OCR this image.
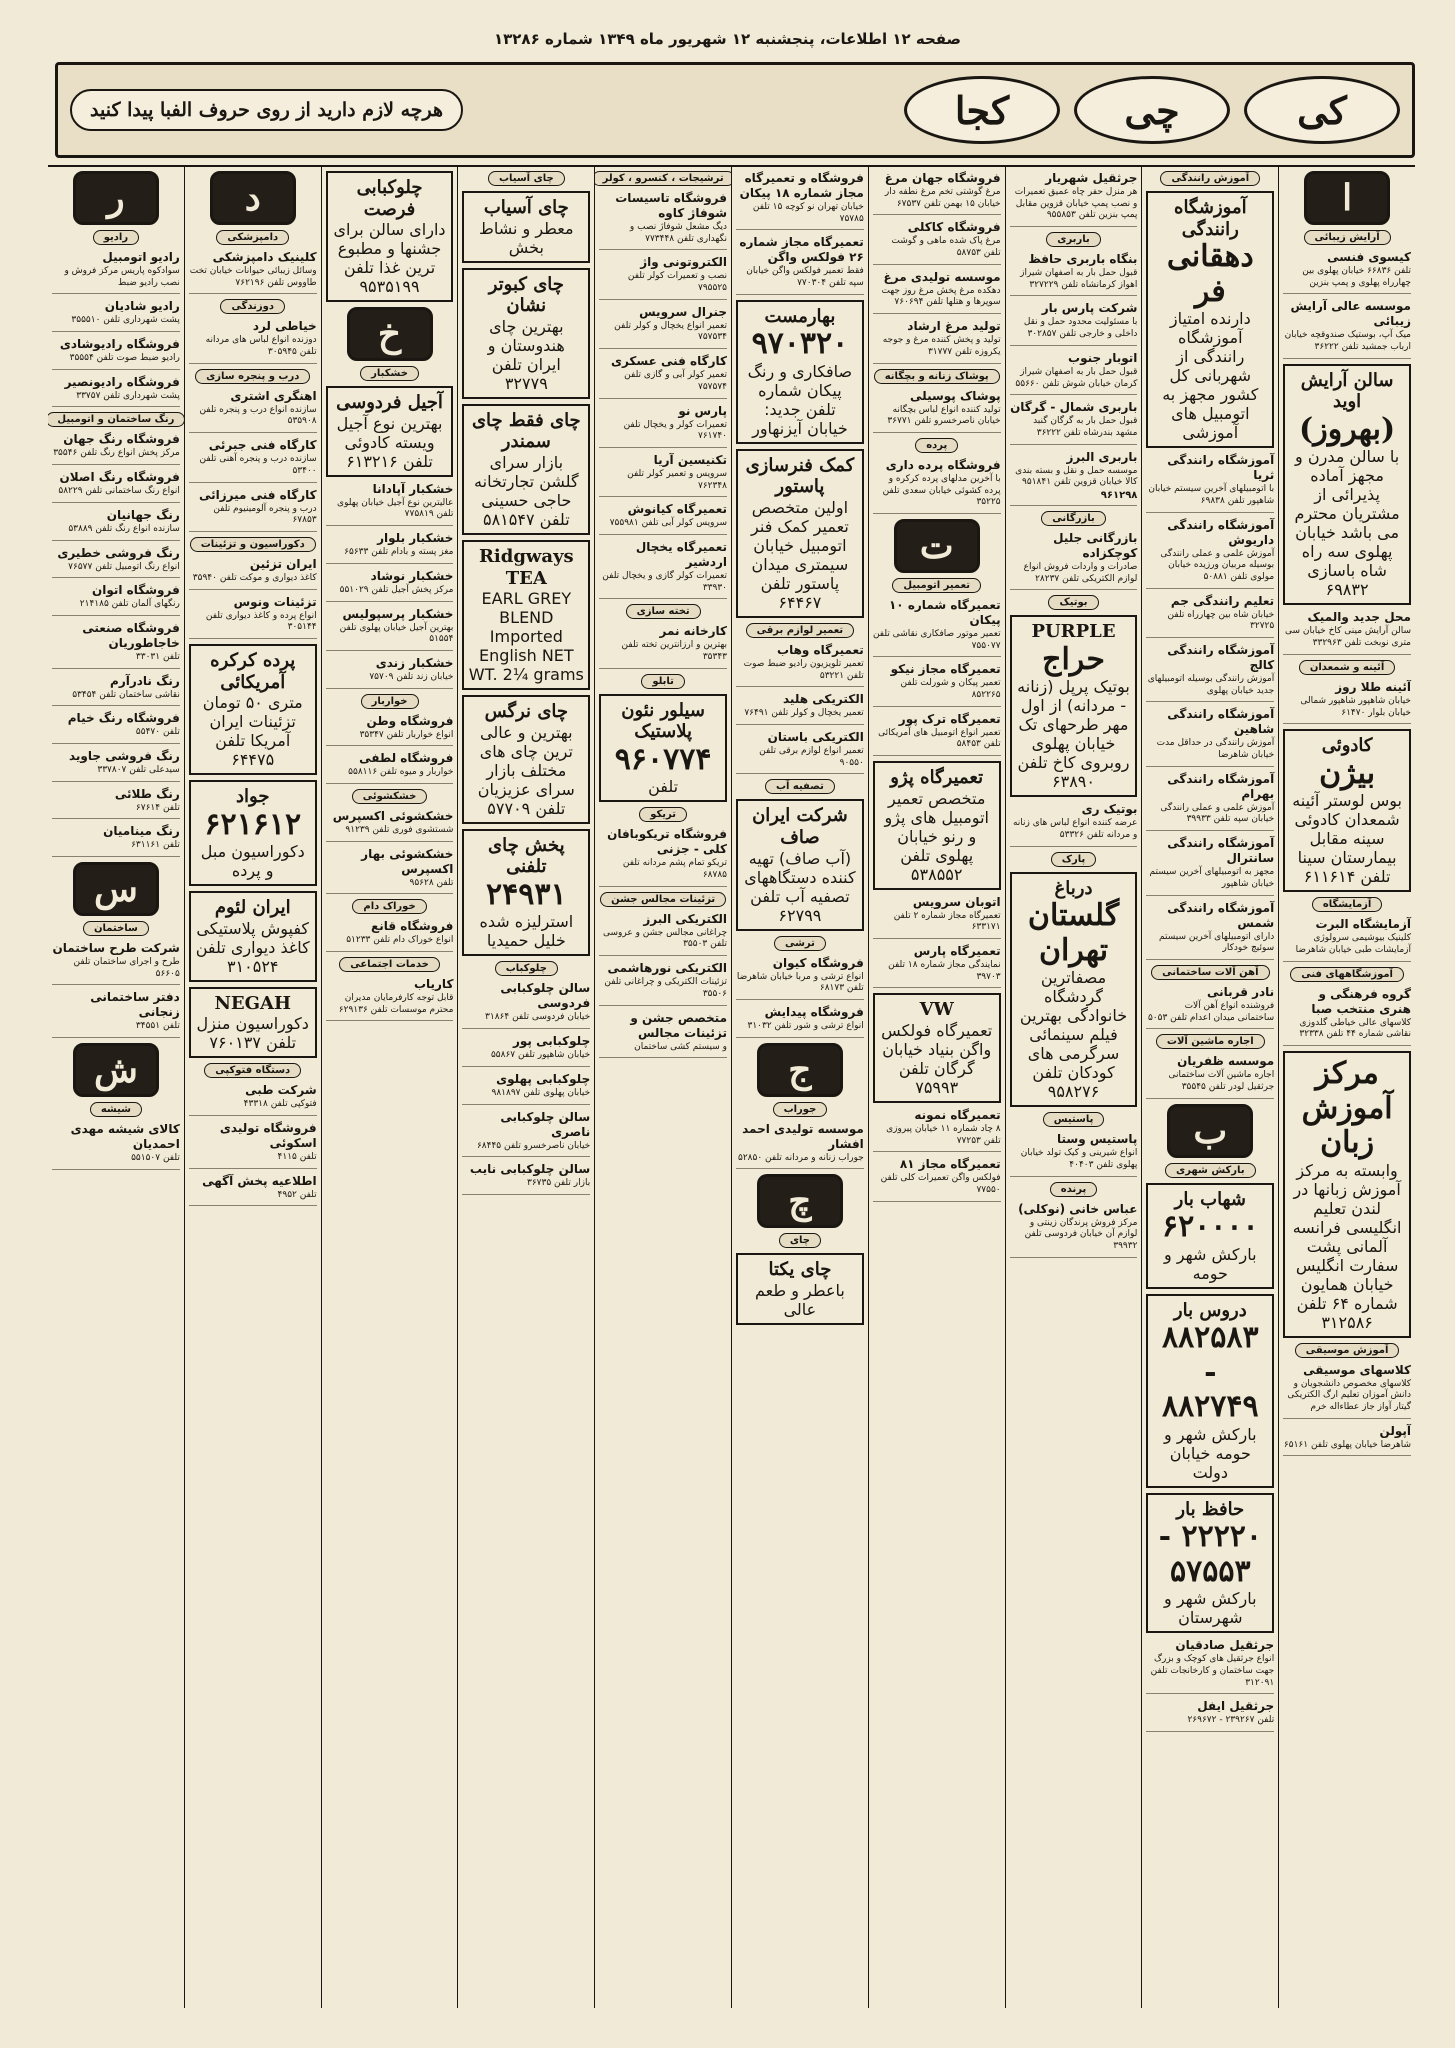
صفحه ۱۲ اطلاعات، پنجشنبه ۱۲ شهریور ماه ۱۳۴۹ شماره ۱۳۲۸۶
کی
چی
کجا
هرچه لازم دارید از روی حروف الفبا پیدا کنید
ا
آرایش زیبائی
کیسوی فنسی
تلفن ۶۶۸۳۶ خیابان پهلوی بین چهارراه پهلوی و پمپ بنزین
موسسه عالی آرایش زیبائی
میک آپ، بوستیک صندوقچه خیابان ارباب جمشید تلفن ۳۶۲۲۲
سالن آرایش اوید
(بهروز)
با سالن مدرن و مجهز آماده پذیرائی از مشتریان محترم می باشد خیابان پهلوی سه راه شاه باسازی ۶۹۸۳۲
محل جدید والمیک
سالن آرایش مینی کاخ خیابان سی متری نوبخت تلفن ۳۳۲۹۶۳
آئینه و شمعدان
آئینه طلا روز
خیابان شاهپور شاهپور شمالی خیابان بلوار ۶۱۴۷۰
کادوئی
بیژن
بوس لوستر آئینه شمعدان کادوئی سینه مقابل بیمارستان سینا تلفن ۶۱۱۶۱۴
آزمایشگاه
آزمایشگاه البرت
کلینیک بیوشیمی سرولوژی آزمایشات طبی خیابان شاهرضا
آموزشگاههای فنی
گروه فرهنگی و هنری منتخب صبا
کلاسهای عالی خیاطی گلدوزی نقاشی شماره ۴۴ تلفن ۳۲۳۳۸
مرکز آموزش زبان
وابسته به مرکز آموزش زبانها در لندن تعلیم انگلیسی فرانسه آلمانی پشت سفارت انگلیس خیابان همایون شماره ۶۴ تلفن ۳۱۲۵۸۶
آموزش موسیقی
کلاسهای موسیقی
کلاسهای مخصوص دانشجویان و دانش آموزان تعلیم ارگ الکتریکی گیتار آواز جاز عطاءاله خرم
آپولن
شاهرضا خیابان پهلوی تلفن ۶۵۱۶۱
آموزش رانندگی
آموزشگاه رانندگی
دهقانی فر
دارنده امتیاز آموزشگاه رانندگی از شهربانی کل کشور مجهز به اتومبیل های آموزشی
آموزشگاه رانندگی ثریا
با اتومبیلهای آخرین سیستم خیابان شاهپور تلفن ۶۹۸۳۸
آموزشگاه رانندگی داریوش
آموزش علمی و عملی رانندگی بوسیله مربیان ورزیده خیابان مولوی تلفن ۵۰۸۸۱
تعلیم رانندگی جم
خیابان شاه بین چهارراه تلفن ۳۲۷۲۵
آموزشگاه رانندگی کالج
آموزش رانندگی بوسیله اتومبیلهای جدید خیابان پهلوی
آموزشگاه رانندگی شاهین
آموزش رانندگی در حداقل مدت خیابان شاهرضا
آموزشگاه رانندگی بهرام
آموزش علمی و عملی رانندگی خیابان سپه تلفن ۳۹۹۳۳
آموزشگاه رانندگی سانترال
مجهز به اتومبیلهای آخرین سیستم خیابان شاهپور
آموزشگاه رانندگی شمس
دارای اتومبیلهای آخرین سیستم سوئیچ خودکار
آهن آلات ساختمانی
نادر قربانی
فروشنده انواع آهن آلات ساختمانی میدان اعدام تلفن ۵۰۵۳
اجاره ماشین آلات
موسسه ظفریان
اجاره ماشین آلات ساختمانی جرثقیل لودر تلفن ۳۵۵۴۵
ب
بارکش شهری
شهاب بار
۶۲۰۰۰۰
بارکش شهر و حومه
دروس بار
۸۸۲۵۸۳ - ۸۸۲۷۴۹
بارکش شهر و حومه خیابان دولت
حافظ بار
۲۲۲۲۰ - ۵۷۵۵۳
بارکش شهر و شهرستان
جرثقیل صادقیان
انواع جرثقیل های کوچک و بزرگ جهت ساختمان و کارخانجات تلفن ۳۱۲۰۹۱
جرثقیل ایفل
تلفن ۲۳۹۲۶۷ - ۲۶۹۶۷۲
جرثقیل شهریار
هر منزل حفر چاه عمیق تعمیرات و نصب پمپ خیابان قزوین مقابل پمپ بنزین تلفن ۹۵۵۸۵۳
باربری
بنگاه باربری حافظ
قبول حمل بار به اصفهان شیراز اهواز کرمانشاه تلفن ۳۲۷۲۲۹
شرکت پارس بار
با مسئولیت محدود حمل و نقل داخلی و خارجی تلفن ۳۰۲۸۵۷
اتوبار جنوب
قبول حمل بار به اصفهان شیراز کرمان خیابان شوش تلفن ۵۵۶۶۰
باربری شمال - گرگان
قبول حمل بار به گرگان گنبد مشهد بندرشاه تلفن ۳۶۲۲۲
باربری البرز
موسسه حمل و نقل و بسته بندی کالا خیابان قزوین تلفن ۹۵۱۸۴۱
۹۶۱۲۹۸
بازرگانی
بازرگانی جلیل کوچکزاده
صادرات و واردات فروش انواع لوازم الکتریکی تلفن ۲۸۲۳۷
بوتیک
PURPLE
حراج
بوتیک پرپل (زنانه - مردانه) از اول مهر طرحهای تک خیابان پهلوی روبروی کاخ تلفن ۶۳۸۹۰
بوتیک ری
عرضه کننده انواع لباس های زنانه و مردانه تلفن ۵۳۳۲۶
پارک
درباغ
گلستان تهران
مصفاترین گردشگاه خانوادگی بهترین فیلم سینمائی سرگرمی های کودکان تلفن ۹۵۸۲۷۶
پاستیس
پاستیس وستا
انواع شیرینی و کیک تولد خیابان پهلوی تلفن ۴۰۴۰۳
پرنده
عباس خانی (نوکلی)
مرکز فروش پرندگان زینتی و لوازم آن خیابان فردوسی تلفن ۳۹۹۳۲
فروشگاه جهان مرغ
مرغ گوشتی تخم مرغ نطفه دار خیابان ۱۵ بهمن تلفن ۶۷۵۳۷
فروشگاه کاکلی
مرغ پاک شده ماهی و گوشت تلفن ۵۸۷۵۳
موسسه تولیدی مرغ
دهکده مرغ پخش مرغ روز جهت سوپرها و هتلها تلفن ۷۶۰۶۹۴
تولید مرغ ارشاد
تولید و پخش کننده مرغ و جوجه یکروزه تلفن ۳۱۷۷۷
پوشاک زنانه و بچگانه
پوشاک پوسیلی
تولید کننده انواع لباس بچگانه خیابان ناصرخسرو تلفن ۳۶۷۷۱
پرده
فروشگاه پرده داری
با آخرین مدلهای پرده کرکره و پرده کشوئی خیابان سعدی تلفن ۳۵۲۲۵
ت
تعمیر اتومبیل
تعمیرگاه شماره ۱۰ پیکان
تعمیر موتور صافکاری نقاشی تلفن ۷۵۵۰۷۷
تعمیرگاه مجاز نیکو
تعمیر پیکان و شورلت تلفن ۸۵۲۲۶۵
تعمیرگاه ترک پور
تعمیر انواع اتومبیل های آمریکائی تلفن ۵۸۴۵۳
تعمیرگاه پژو
متخصص تعمیر اتومبیل های پژو و رنو خیابان پهلوی تلفن ۵۳۸۵۵۲
اتوبان سرویس
تعمیرگاه مجاز شماره ۲ تلفن ۶۳۳۱۷۱
تعمیرگاه پارس
نمایندگی مجاز شماره ۱۸ تلفن ۳۹۷۰۳
VW
تعمیرگاه فولکس واگن بنیاد خیابان گرگان تلفن ۷۵۹۹۳
تعمیرگاه نمونه
۸ چاد شماره ۱۱ خیابان پیروزی تلفن ۷۷۲۵۳
تعمیرگاه مجاز ۸۱
فولکس واگن تعمیرات کلی تلفن ۷۷۵۵۰
فروشگاه و تعمیرگاه مجاز شماره ۱۸ پیکان
خیابان تهران نو کوچه ۱۵ تلفن ۷۵۷۸۵
تعمیرگاه مجاز شماره ۲۶ فولکس واگن
فقط تعمیر فولکس واگن خیابان سپه تلفن ۷۷۰۳۰۴
بهارمست
۹۷۰۳۲۰
صافکاری و رنگ پیکان شماره تلفن جدید: خیابان آیزنهاور
کمک فنرسازی پاستور
اولین متخصص تعمیر کمک فنر اتومبیل خیابان سیمتری میدان پاستور تلفن ۶۴۴۶۷
تعمیر لوازم برقی
تعمیرگاه وهاب
تعمیر تلویزیون رادیو ضبط صوت تلفن ۵۳۲۲۱
الکتریکی هلید
تعمیر یخچال و کولر تلفن ۷۶۴۹۱
الکتریکی باستان
تعمیر انواع لوازم برقی تلفن ۹۰۵۵۰
تصفیه آب
شرکت ایران صاف
(آب صاف) تهیه کننده دستگاههای تصفیه آب تلفن ۶۲۷۹۹
ترشی
فروشگاه کیوان
انواع ترشی و مربا خیابان شاهرضا تلفن ۶۸۱۷۳
فروشگاه پیدایش
انواع ترشی و شور تلفن ۳۱۰۳۲
ج
جوراب
موسسه تولیدی احمد افشار
جوراب زنانه و مردانه تلفن ۵۲۸۵۰
چ
چای
چای یکتا
باعطر و طعم عالی
ترشیجات ، کنسرو ، کولر
فروشگاه تاسیسات شوفاژ کاوه
دیگ مشعل شوفاژ نصب و نگهداری تلفن ۷۷۳۴۴۸
الکتروتونی واژ
نصب و تعمیرات کولر تلفن ۷۹۵۵۲۵
جنرال سرویس
تعمیر انواع یخچال و کولر تلفن ۷۵۷۵۳۴
کارگاه فنی عسکری
تعمیر کولر آبی و گازی تلفن ۷۵۷۵۷۴
پارس نو
تعمیرات کولر و یخچال تلفن ۷۶۱۷۴۰
تکنیسین آریا
سرویس و تعمیر کولر تلفن ۷۶۲۳۴۸
تعمیرگاه کیانوش
سرویس کولر آبی تلفن ۷۵۵۹۸۱
تعمیرگاه یخچال اردشیر
تعمیرات کولر گازی و یخچال تلفن ۳۳۹۳۰
تخته سازی
کارخانه نمر
بهترین و ارزانترین تخته تلفن ۳۵۳۴۳
تابلو
سیلور نئون پلاستیک
۹۶۰۷۷۴
تلفن
تریکو
فروشگاه تریکوبافان کلی - جزنی
تریکو تمام پشم مردانه تلفن ۶۸۷۸۵
تزئینات مجالس جشن
الکتریکی البرز
چراغانی مجالس جشن و عروسی تلفن ۳۵۵۰۳
الکتریکی نورهاشمی
تزئینات الکتریکی و چراغانی تلفن ۳۵۵۰۶
متخصص جشن و تزئینات مجالس
و سیستم کشی ساختمان
چای آسیاب
چای آسیاب
معطر و نشاط بخش
چای کبوتر نشان
بهترین چای هندوستان و ایران تلفن ۳۲۷۷۹
چای فقط چای سمندر
بازار سرای گلشن تجارتخانه حاجی حسینی تلفن ۵۸۱۵۴۷
Ridgways TEA
EARL GREY BLEND Imported English NET WT. 2¼ grams
چای نرگس
بهترین و عالی ترین چای های مختلف بازار سرای عزیزیان تلفن ۵۷۷۰۹
پخش چای تلفنی
۲۴۹۳۱
استرلیزه شده خلیل حمیدیا
چلوکباب
سالن چلوکبابی فردوسی
خیابان فردوسی تلفن ۳۱۸۶۴
چلوکبابی پور
خیابان شاهپور تلفن ۵۵۸۶۷
چلوکبابی پهلوی
خیابان پهلوی تلفن ۹۸۱۸۹۷
سالن چلوکبابی ناصری
خیابان ناصرخسرو تلفن ۶۸۴۴۵
سالن چلوکبابی نایب
بازار تلفن ۳۶۷۳۵
چلوکبابی فرصت
دارای سالن برای جشنها و مطبوع ترین غذا تلفن ۹۵۳۵۱۹۹
خ
خشکبار
آجیل فردوسی
بهترین نوع آجیل ویسته کادوئی تلفن ۶۱۳۲۱۶
خشکبار آپادانا
عالیترین نوع آجیل خیابان پهلوی تلفن ۷۷۵۸۱۹
خشکبار بلوار
مغز پسته و بادام تلفن ۶۵۶۳۳
خشکبار نوشاد
مرکز پخش آجیل تلفن ۵۵۱۰۲۹
خشکبار پرسپولیس
بهترین آجیل خیابان پهلوی تلفن ۵۱۵۵۴
خشکبار زندی
خیابان زند تلفن ۷۵۷۰۹
خواربار
فروشگاه وطن
انواع خواربار تلفن ۳۵۳۴۷
فروشگاه لطفی
خواربار و میوه تلفن ۵۵۸۱۱۶
خشکشوئی
خشکشوئی اکسپرس
شستشوی فوری تلفن ۹۱۲۳۹
خشکشوئی بهار اکسپرس
تلفن ۹۵۶۲۸
خوراک دام
فروشگاه قانع
انواع خوراک دام تلفن ۵۱۲۳۳
خدمات اجتماعی
کاریاب
قابل توجه کارفرمایان مدیران محترم موسسات تلفن ۶۲۹۱۳۶
د
دامپزشکی
کلینیک دامپزشکی
وسائل زیبائی حیوانات خیابان تخت طاووس تلفن ۷۶۲۱۹۶
دوزندگی
خیاطی لرد
دوزنده انواع لباس های مردانه تلفن ۳۰۵۹۴۵
درب و پنجره سازی
اهنگری اشتری
سازنده انواع درب و پنجره تلفن ۵۳۵۹۰۸
کارگاه فنی جبرئی
سازنده درب و پنجره آهنی تلفن ۵۳۴۰۰
کارگاه فنی میرزائی
درب و پنجره آلومینیوم تلفن ۶۷۸۵۳
دکوراسیون و تزئینات
ایران تزئین
کاغذ دیواری و موکت تلفن ۳۵۹۴۰
تزئینات ونوس
انواع پرده و کاغذ دیواری تلفن ۳۰۵۱۴۴
پرده کرکره آمریکائی
متری ۵۰ تومان تزئینات ایران آمریکا تلفن ۶۴۴۷۵
جواد
۶۲۱۶۱۲
دکوراسیون مبل و پرده
ایران لئوم
کفپوش پلاستیکی کاغذ دیواری تلفن ۳۱۰۵۲۴
NEGAH
دکوراسیون منزل تلفن ۷۶۰۱۳۷
دستگاه فتوکپی
شرکت طبی
فتوکپی تلفن ۴۳۳۱۸
فروشگاه تولیدی اسکوئی
تلفن ۴۱۱۵
اطلاعیه پخش آگهی
تلفن ۴۹۵۲
ر
رادیو
رادیو اتومبیل
سوادکوه پاریس مرکز فروش و نصب رادیو ضبط
رادیو شادیان
پشت شهرداری تلفن ۳۵۵۵۱۰
فروشگاه رادیوشادی
رادیو ضبط صوت تلفن ۳۵۵۵۴
فروشگاه رادیونصیر
پشت شهرداری تلفن ۳۳۷۵۷
رنگ ساختمان و اتومبیل
فروشگاه رنگ جهان
مرکز پخش انواع رنگ تلفن ۳۵۵۴۶
فروشگاه رنگ اصلان
انواع رنگ ساختمانی تلفن ۵۸۲۲۹
رنگ جهانیان
سازنده انواع رنگ تلفن ۵۳۸۸۹
رنگ فروشی خطیری
انواع رنگ اتومبیل تلفن ۷۶۵۷۷
فروشگاه اتوان
رنگهای آلمان تلفن ۲۱۴۱۸۵
فروشگاه صنعتی خاجاطوریان
تلفن ۳۳۰۳۱
رنگ نادرآرم
نقاشی ساختمان تلفن ۵۳۴۵۴
فروشگاه رنگ خیام
تلفن ۵۵۴۷۰
رنگ فروشی جاوید
سیدعلی تلفن ۳۳۷۸۰۷
رنگ طلائی
تلفن ۶۷۶۱۴
رنگ مینامیان
تلفن ۶۳۱۱۶۱
س
ساختمان
شرکت طرح ساختمان
طرح و اجرای ساختمان تلفن ۵۶۶۰۵
دفتر ساختمانی زنجانی
تلفن ۳۴۵۵۱
ش
شیشه
کالای شیشه مهدی احمدیان
تلفن ۵۵۱۵۰۷
